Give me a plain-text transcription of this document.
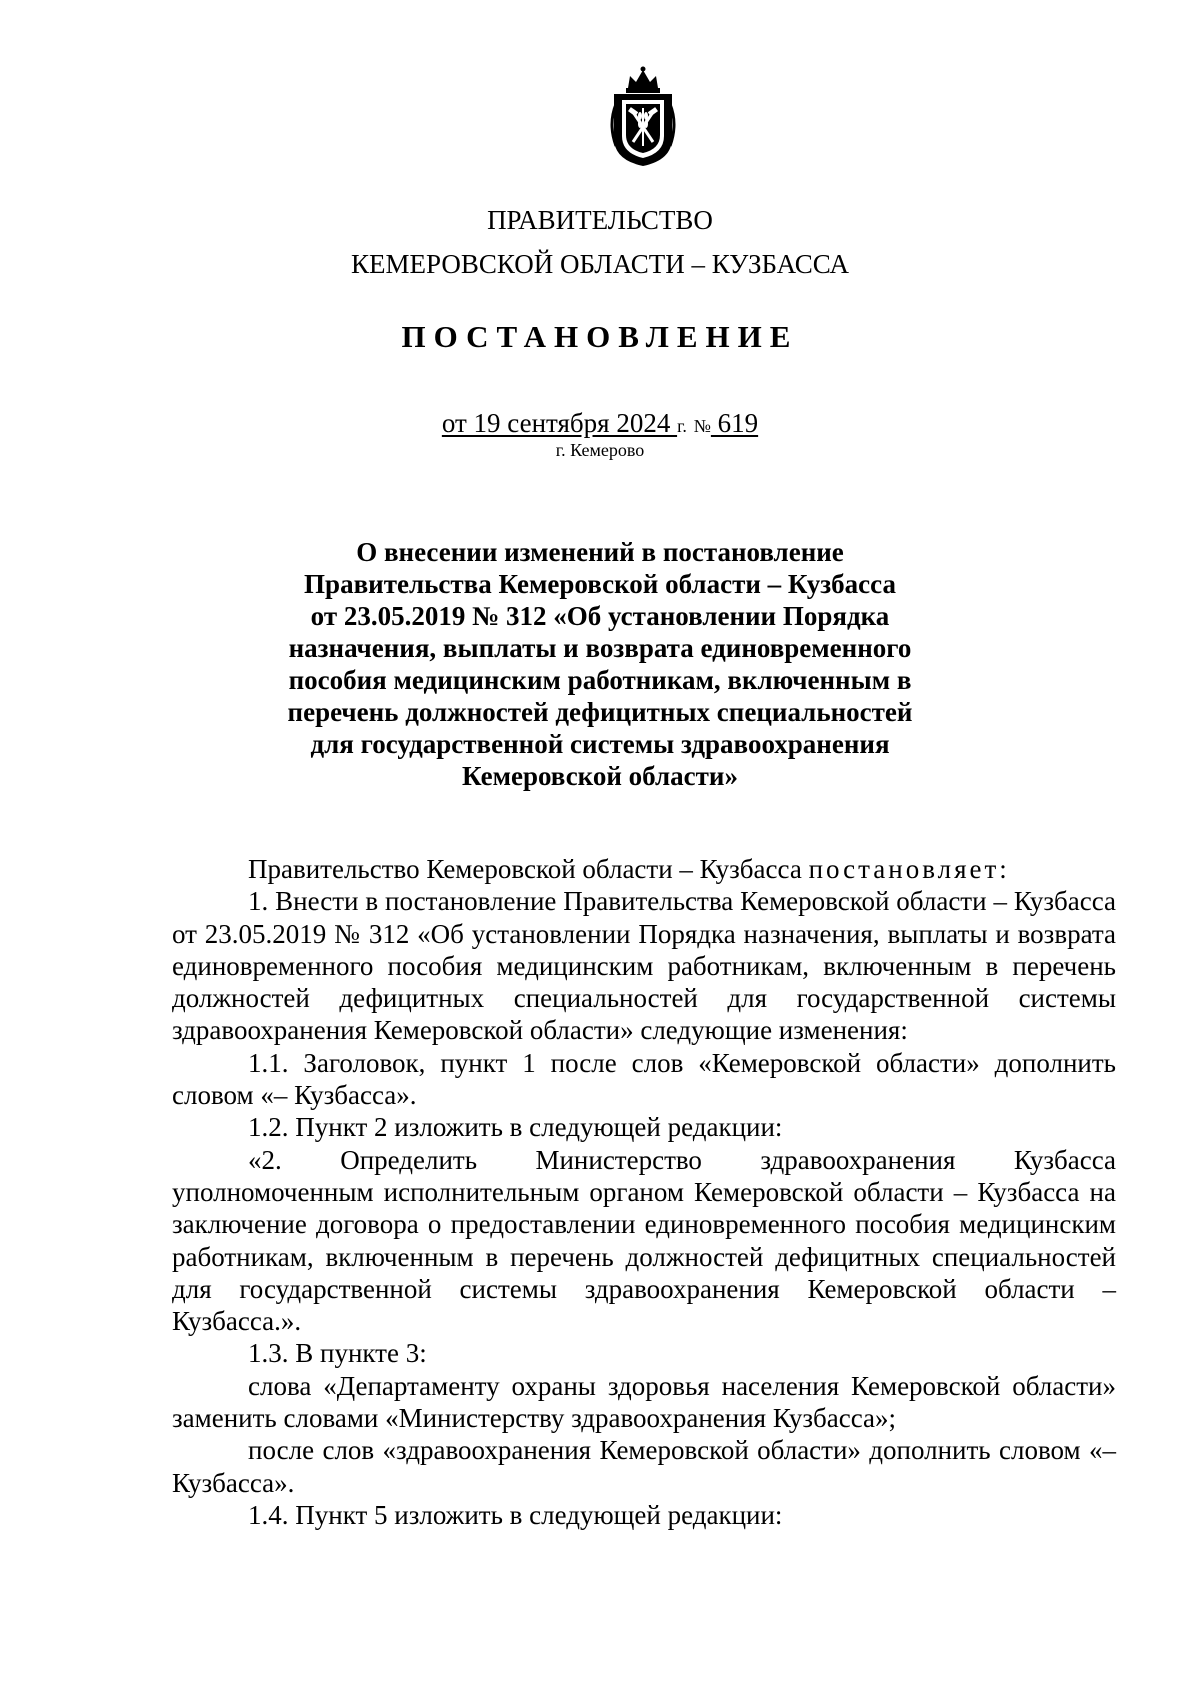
ПРАВИТЕЛЬСТВО
КЕМЕРОВСКОЙ ОБЛАСТИ – КУЗБАССА
ПОСТАНОВЛЕНИЕ
от 19 сентября 2024 г. № 619
г. Кемерово
О внесении изменений в постановление
Правительства Кемеровской области – Кузбасса
от 23.05.2019 № 312 «Об установлении Порядка
назначения, выплаты и возврата единовременного
пособия медицинским работникам, включенным в
перечень должностей дефицитных специальностей
для государственной системы здравоохранения
Кемеровской области»

Правительство Кемеровской области – Кузбасса постановляет:

1. Внести в постановление Правительства Кемеровской области – Кузбасса от 23.05.2019 № 312 «Об установлении Порядка назначения, выплаты и возврата единовременного пособия медицинским работникам, включенным в перечень должностей дефицитных специальностей для государственной системы здравоохранения Кемеровской области» следующие изменения:

1.1. Заголовок, пункт 1 после слов «Кемеровской области» дополнить словом «– Кузбасса».

1.2. Пункт 2 изложить в следующей редакции:

«2. Определить Министерство здравоохранения Кузбасса уполномоченным исполнительным органом Кемеровской области – Кузбасса на заключение договора о предоставлении единовременного пособия медицинским работникам, включенным в перечень должностей дефицитных специальностей для государственной системы здравоохранения Кемеровской области – Кузбасса.».

1.3. В пункте 3:

слова «Департаменту охраны здоровья населения Кемеровской области» заменить словами «Министерству здравоохранения Кузбасса»;

после слов «здравоохранения Кемеровской области» дополнить словом «– Кузбасса».

1.4. Пункт 5 изложить в следующей редакции:
